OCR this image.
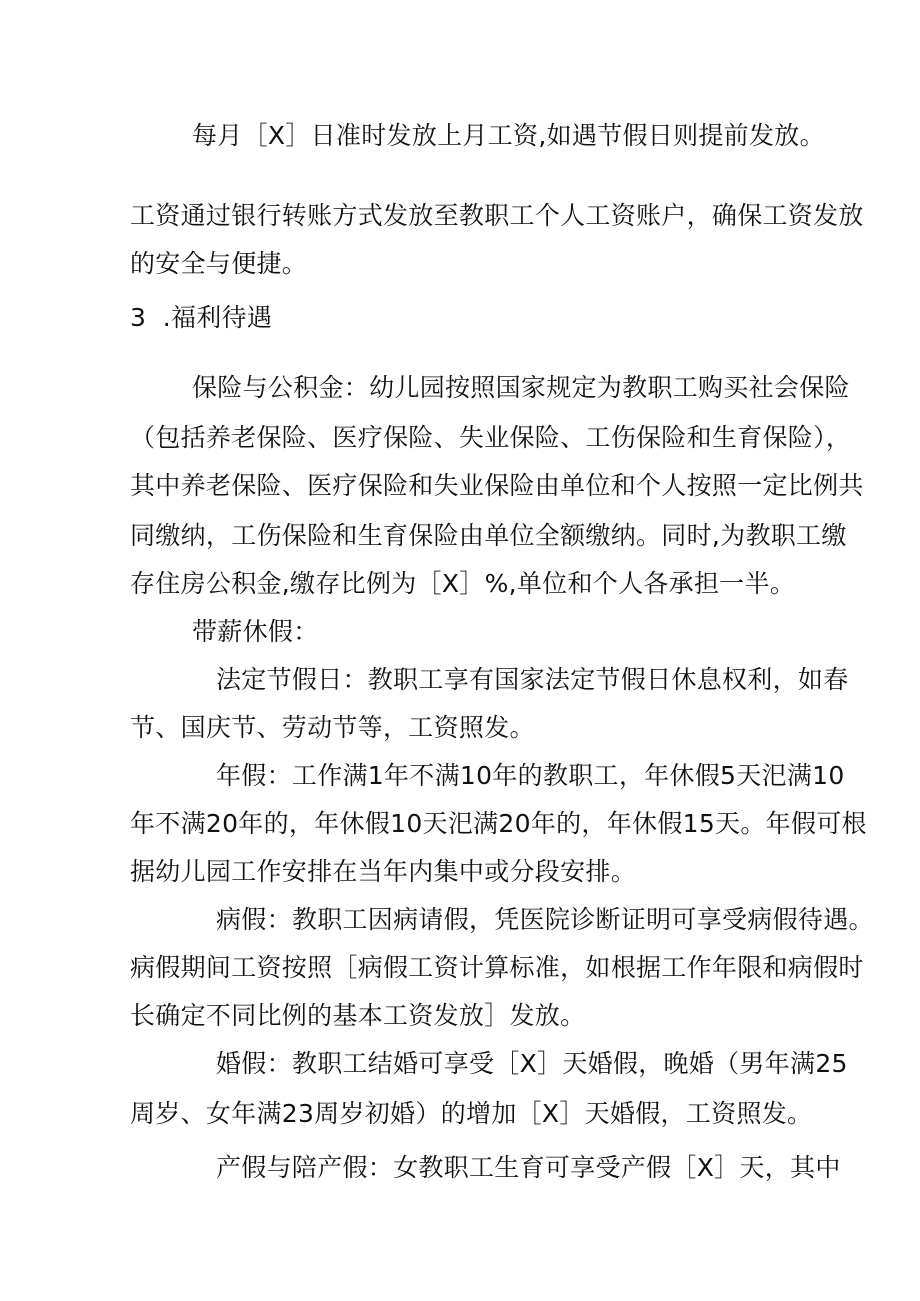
每月［X］日准时发放上月工资,如遇节假日则提前发放。
工资通过银行转账方式发放至教职工个人工资账户，确保工资发放
的安全与便捷。
3  .福利待遇
保险与公积金：幼儿园按照国家规定为教职工购买社会保险
（包括养老保险、医疗保险、失业保险、工伤保险和生育保险），
其中养老保险、医疗保险和失业保险由单位和个人按照一定比例共
同缴纳，工伤保险和生育保险由单位全额缴纳。同时,为教职工缴
存住房公积金,缴存比例为［X］%,单位和个人各承担一半。
带薪休假：
法定节假日：教职工享有国家法定节假日休息权利，如春
节、国庆节、劳动节等，工资照发。
年假：工作满1年不满10年的教职工，年休假5天汜满10
年不满20年的，年休假10天汜满20年的，年休假15天。年假可根
据幼儿园工作安排在当年内集中或分段安排。
病假：教职工因病请假，凭医院诊断证明可享受病假待遇。
病假期间工资按照［病假工资计算标准，如根据工作年限和病假时
长确定不同比例的基本工资发放］发放。
婚假：教职工结婚可享受［X］天婚假，晚婚（男年满25
周岁、女年满23周岁初婚）的增加［X］天婚假，工资照发。
产假与陪产假：女教职工生育可享受产假［X］天，其中
